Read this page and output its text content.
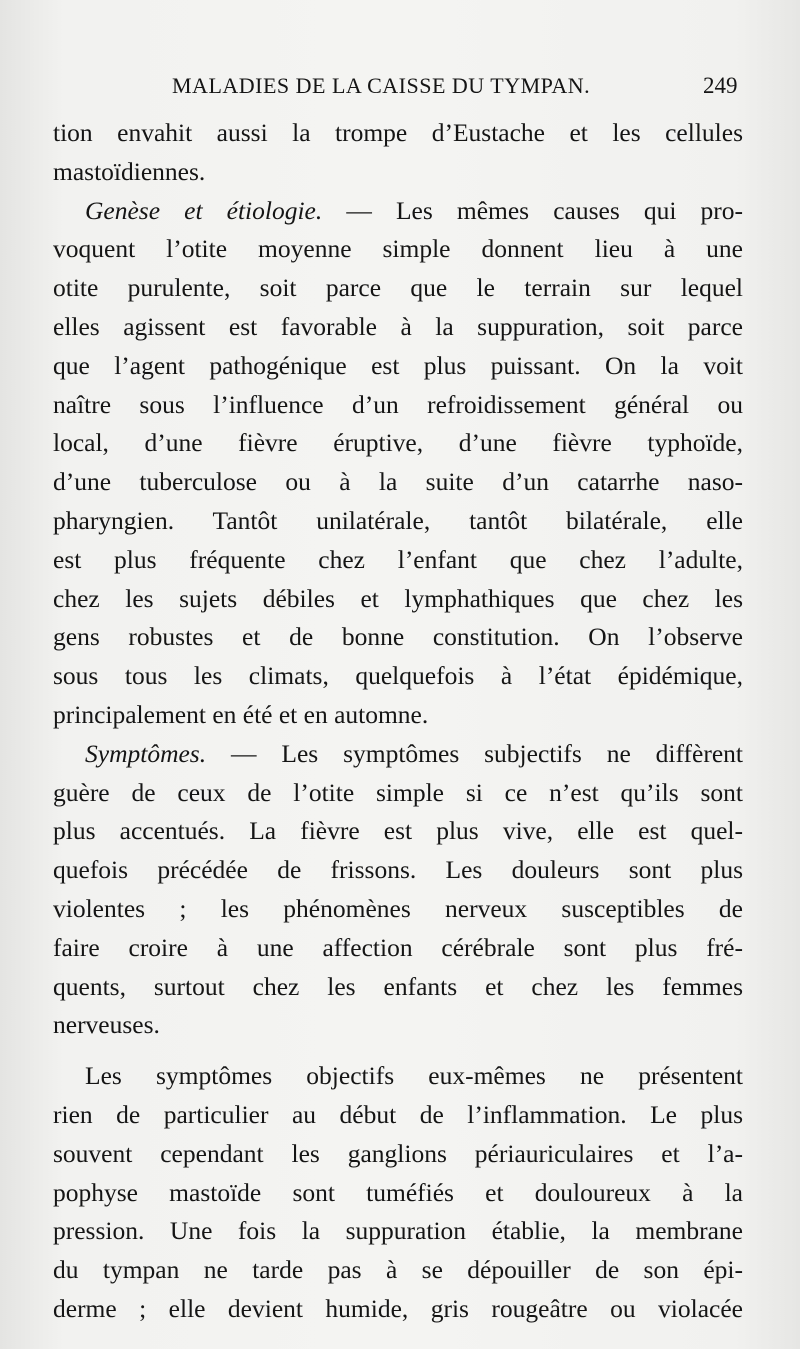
MALADIES DE LA CAISSE DU TYMPAN.	249
tion envahit aussi la trompe d’Eustache et les cellules
mastoïdiennes.
Genèse et étiologie. — Les mêmes causes qui pro-
voquent l’otite moyenne simple donnent lieu à une
otite purulente, soit parce que le terrain sur lequel
elles agissent est favorable à la suppuration, soit parce
que l’agent pathogénique est plus puissant. On la voit
naître sous l’influence d’un refroidissement général ou
local, d’une fièvre éruptive, d’une fièvre typhoïde,
d’une tuberculose ou à la suite d’un catarrhe naso-
pharyngien. Tantôt unilatérale, tantôt bilatérale, elle
est plus fréquente chez l’enfant que chez l’adulte,
chez les sujets débiles et lymphathiques que chez les
gens robustes et de bonne constitution. On l’observe
sous tous les climats, quelquefois à l’état épidémique,
principalement en été et en automne.
Symptômes. — Les symptômes subjectifs ne diffèrent
guère de ceux de l’otite simple si ce n’est qu’ils sont
plus accentués. La fièvre est plus vive, elle est quel-
quefois précédée de frissons. Les douleurs sont plus
violentes ; les phénomènes nerveux susceptibles de
faire croire à une affection cérébrale sont plus fré-
quents, surtout chez les enfants et chez les femmes
nerveuses.
Les symptômes objectifs eux-mêmes ne présentent
rien de particulier au début de l’inflammation. Le plus
souvent cependant les ganglions périauriculaires et l’a-
pophyse mastoïde sont tuméfiés et douloureux à la
pression. Une fois la suppuration établie, la membrane
du tympan ne tarde pas à se dépouiller de son épi-
derme ; elle devient humide, gris rougeâtre ou violacée
